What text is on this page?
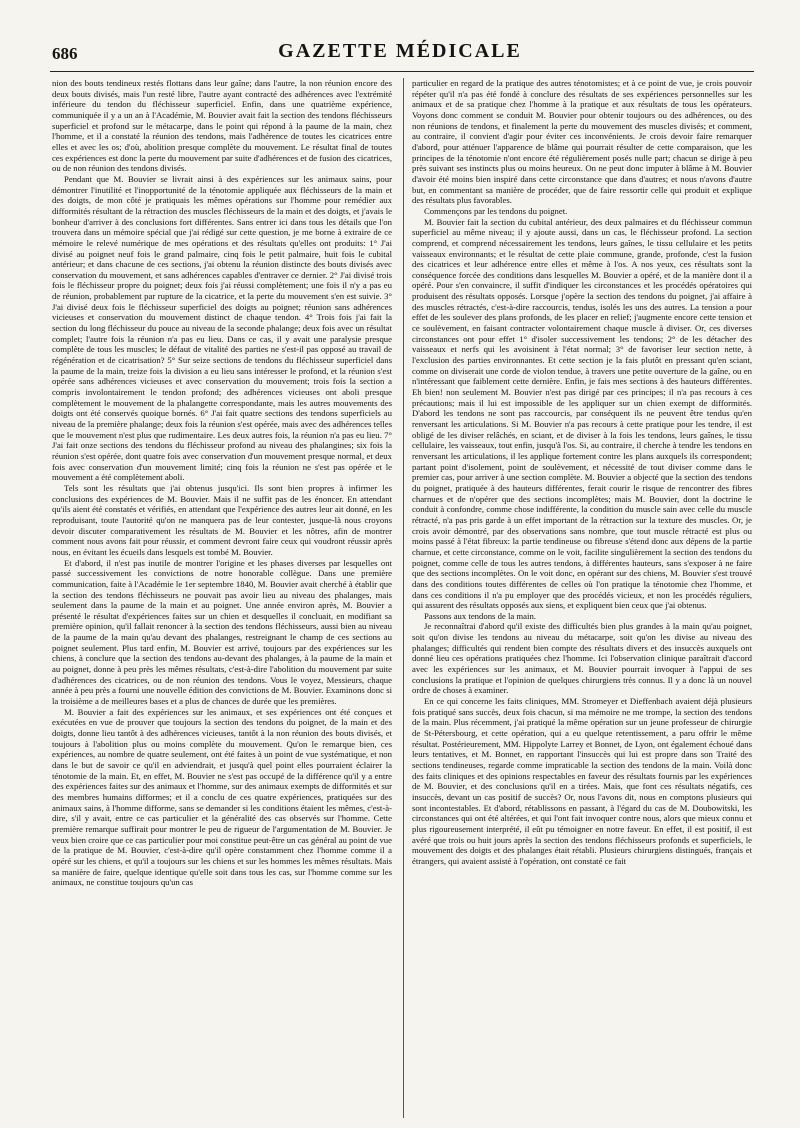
686	GAZETTE MÉDICALE

nion des bouts tendineux restés flottans dans leur gaîne; dans l'autre, la non réunion encore des deux bouts divisés, mais l'un resté libre, l'autre ayant contracté des adhérences avec l'extrémité inférieure du tendon du fléchisseur superficiel. Enfin, dans une quatrième expérience, communiquée il y a un an à l'Académie, M. Bouvier avait fait la section des tendons fléchisseurs superficiel et profond sur le métacarpe, dans le point qui répond à la paume de la main, chez l'homme, et il a constaté la réunion des tendons, mais l'adhérence de toutes les cicatrices entre elles et avec les os; d'où, abolition presque complète du mouvement. Le résultat final de toutes ces expériences est donc la perte du mouvement par suite d'adhérences et de fusion des cicatrices, ou de non réunion des tendons divisés.

Pendant que M. Bouvier se livrait ainsi à des expériences sur les animaux sains, pour démontrer l'inutilité et l'inopportunité de la ténotomie appliquée aux fléchisseurs de la main et des doigts, de mon côté je pratiquais les mêmes opérations sur l'homme pour remédier aux difformités résultant de la rétraction des muscles fléchisseurs de la main et des doigts, et j'avais le bonheur d'arriver à des conclusions fort différentes. Sans entrer ici dans tous les détails que l'on trouvera dans un mémoire spécial que j'ai rédigé sur cette question, je me borne à extraire de ce mémoire le relevé numérique de mes opérations et des résultats qu'elles ont produits: 1° J'ai divisé au poignet neuf fois le grand palmaire, cinq fois le petit palmaire, huit fois le cubital antérieur; et dans chacune de ces sections, j'ai obtenu la réunion distincte des bouts divisés avec conservation du mouvement, et sans adhérences capables d'entraver ce dernier. 2° J'ai divisé trois fois le fléchisseur propre du poignet; deux fois j'ai réussi complètement; une fois il n'y a pas eu de réunion, probablement par rupture de la cicatrice, et la perte du mouvement s'en est suivie. 3° J'ai divisé deux fois le fléchisseur superficiel des doigts au poignet; réunion sans adhérences vicieuses et conservation du mouvement distinct de chaque tendon. 4° Trois fois j'ai fait la section du long fléchisseur du pouce au niveau de la seconde phalange; deux fois avec un résultat complet; l'autre fois la réunion n'a pas eu lieu. Dans ce cas, il y avait une paralysie presque complète de tous les muscles; le défaut de vitalité des parties ne s'est-il pas opposé au travail de régénération et de cicatrisation? 5° Sur seize sections de tendons du fléchisseur superficiel dans la paume de la main, treize fois la division a eu lieu sans intéresser le profond, et la réunion s'est opérée sans adhérences vicieuses et avec conservation du mouvement; trois fois la section a compris involontairement le tendon profond; des adhérences vicieuses ont aboli presque complètement le mouvement de la phalangette correspondante, mais les autres mouvements des doigts ont été conservés quoique bornés. 6° J'ai fait quatre sections des tendons superficiels au niveau de la première phalange; deux fois la réunion s'est opérée, mais avec des adhérences telles que le mouvement n'est plus que rudimentaire. Les deux autres fois, la réunion n'a pas eu lieu. 7° J'ai fait onze sections des tendons du fléchisseur profond au niveau des phalangines; six fois la réunion s'est opérée, dont quatre fois avec conservation d'un mouvement presque normal, et deux fois avec conservation d'un mouvement limité; cinq fois la réunion ne s'est pas opérée et le mouvement a été complètement aboli.

Tels sont les résultats que j'ai obtenus jusqu'ici. Ils sont bien propres à infirmer les conclusions des expériences de M. Bouvier. Mais il ne suffit pas de les énoncer. En attendant qu'ils aient été constatés et vérifiés, en attendant que l'expérience des autres leur ait donné, en les reproduisant, toute l'autorité qu'on ne manquera pas de leur contester, jusque-là nous croyons devoir discuter comparativement les résultats de M. Bouvier et les nôtres, afin de montrer comment nous avons fait pour réussir, et comment devront faire ceux qui voudront réussir après nous, en évitant les écueils dans lesquels est tombé M. Bouvier.

Et d'abord, il n'est pas inutile de montrer l'origine et les phases diverses par lesquelles ont passé successivement les convictions de notre honorable collègue. Dans une première communication, faite à l'Académie le 1er septembre 1840, M. Bouvier avait cherché à établir que la section des tendons fléchisseurs ne pouvait pas avoir lieu au niveau des phalanges, mais seulement dans la paume de la main et au poignet. Une année environ après, M. Bouvier a présenté le résultat d'expériences faites sur un chien et desquelles il concluait, en modifiant sa première opinion, qu'il fallait renoncer à la section des tendons fléchisseurs, aussi bien au niveau de la paume de la main qu'au devant des phalanges, restreignant le champ de ces sections au poignet seulement. Plus tard enfin, M. Bouvier est arrivé, toujours par des expériences sur les chiens, à conclure que la section des tendons au-devant des phalanges, à la paume de la main et au poignet, donne à peu près les mêmes résultats, c'est-à-dire l'abolition du mouvement par suite d'adhérences des cicatrices, ou de non réunion des tendons. Vous le voyez, Messieurs, chaque année à peu près a fourni une nouvelle édition des convictions de M. Bouvier. Examinons donc si la troisième a de meilleures bases et a plus de chances de durée que les premières.

M. Bouvier a fait des expériences sur les animaux, et ses expériences ont été conçues et exécutées en vue de prouver que toujours la section des tendons du poignet, de la main et des doigts, donne lieu tantôt à des adhérences vicieuses, tantôt à la non réunion des bouts divisés, et toujours à l'abolition plus ou moins complète du mouvement. Qu'on le remarque bien, ces expériences, au nombre de quatre seulement, ont été faites à un point de vue systématique, et non dans le but de savoir ce qu'il en adviendrait, et jusqu'à quel point elles pourraient éclairer la ténotomie de la main. Et, en effet, M. Bouvier ne s'est pas occupé de la différence qu'il y a entre des expériences faites sur des animaux et l'homme, sur des animaux exempts de difformités et sur des membres humains difformes; et il a conclu de ces quatre expériences, pratiquées sur des animaux sains, à l'homme difforme, sans se demander si les conditions étaient les mêmes, c'est-à-dire, s'il y avait, entre ce cas particulier et la généralité des cas observés sur l'homme. Cette première remarque suffirait pour montrer le peu de rigueur de l'argumentation de M. Bouvier. Je veux bien croire que ce cas particulier pour moi constitue peut-être un cas général au point de vue de la pratique de M. Bouvier, c'est-à-dire qu'il opère constamment chez l'homme comme il a opéré sur les chiens, et qu'il a toujours sur les chiens et sur les hommes les mêmes résultats. Mais sa manière de faire, quelque identique qu'elle soit dans tous les cas, sur l'homme comme sur les animaux, ne constitue toujours qu'un cas

particulier en regard de la pratique des autres ténotomistes; et à ce point de vue, je crois pouvoir répéter qu'il n'a pas été fondé à conclure des résultats de ses expériences personnelles sur les animaux et de sa pratique chez l'homme à la pratique et aux résultats de tous les opérateurs. Voyons donc comment se conduit M. Bouvier pour obtenir toujours ou des adhérences, ou des non réunions de tendons, et finalement la perte du mouvement des muscles divisés; et comment, au contraire, il convient d'agir pour éviter ces inconvénients. Je crois devoir faire remarquer d'abord, pour atténuer l'apparence de blâme qui pourrait résulter de cette comparaison, que les principes de la ténotomie n'ont encore été régulièrement posés nulle part; chacun se dirige à peu près suivant ses instincts plus ou moins heureux. On ne peut donc imputer à blâme à M. Bouvier d'avoir été moins bien inspiré dans cette circonstance que dans d'autres; et nous n'avons d'autre but, en commentant sa manière de procéder, que de faire ressortir celle qui produit et explique des résultats plus favorables.

Commençons par les tendons du poignet.

M. Bouvier fait la section du cubital antérieur, des deux palmaires et du fléchisseur commun superficiel au même niveau; il y ajoute aussi, dans un cas, le fléchisseur profond. La section comprend, et comprend nécessairement les tendons, leurs gaînes, le tissu cellulaire et les petits vaisseaux environnants; et le résultat de cette plaie commune, grande, profonde, c'est la fusion des cicatrices et leur adhérence entre elles et même à l'os. A nos yeux, ces résultats sont la conséquence forcée des conditions dans lesquelles M. Bouvier a opéré, et de la manière dont il a opéré. Pour s'en convaincre, il suffit d'indiquer les circonstances et les procédés opératoires qui produisent des résultats opposés. Lorsque j'opère la section des tendons du poignet, j'ai affaire à des muscles rétractés, c'est-à-dire raccourcis, tendus, isolés les uns des autres. La tension a pour effet de les soulever des plans profonds, de les placer en relief; j'augmente encore cette tension et ce soulèvement, en faisant contracter volontairement chaque muscle à diviser. Or, ces diverses circonstances ont pour effet 1° d'isoler successivement les tendons; 2° de les détacher des vaisseaux et nerfs qui les avoisinent à l'état normal; 3° de favoriser leur section nette, à l'exclusion des parties environnantes. Et cette section je la fais plutôt en pressant qu'en sciant, comme on diviserait une corde de violon tendue, à travers une petite ouverture de la gaîne, ou en n'intéressant que faiblement cette dernière. Enfin, je fais mes sections à des hauteurs différentes. Eh bien! non seulement M. Bouvier n'est pas dirigé par ces principes; il n'a pas recours à ces précautions; mais il lui est impossible de les appliquer sur un chien exempt de difformités. D'abord les tendons ne sont pas raccourcis, par conséquent ils ne peuvent être tendus qu'en renversant les articulations. Si M. Bouvier n'a pas recours à cette pratique pour les tendre, il est obligé de les diviser relâchés, en sciant, et de diviser à la fois les tendons, leurs gaînes, le tissu cellulaire, les vaisseaux, tout enfin, jusqu'à l'os. Si, au contraire, il cherche à tendre les tendons en renversant les articulations, il les applique fortement contre les plans auxquels ils correspondent; partant point d'isolement, point de soulèvement, et nécessité de tout diviser comme dans le premier cas, pour arriver à une section complète. M. Bouvier a objecté que la section des tendons du poignet, pratiquée à des hauteurs différentes, ferait courir le risque de rencontrer des fibres charnues et de n'opérer que des sections incomplètes; mais M. Bouvier, dont la doctrine le conduit à confondre, comme chose indifférente, la condition du muscle sain avec celle du muscle rétracté, n'a pas pris garde à un effet important de la rétraction sur la texture des muscles. Or, je crois avoir démontré, par des observations sans nombre, que tout muscle rétracté est plus ou moins passé à l'état fibreux: la partie tendineuse ou fibreuse s'étend donc aux dépens de la partie charnue, et cette circonstance, comme on le voit, facilite singulièrement la section des tendons du poignet, comme celle de tous les autres tendons, à différentes hauteurs, sans s'exposer à ne faire que des sections incomplètes. On le voit donc, en opérant sur des chiens, M. Bouvier s'est trouvé dans des conditions toutes différentes de celles où l'on pratique la ténotomie chez l'homme, et dans ces conditions il n'a pu employer que des procédés vicieux, et non les procédés réguliers, qui assurent des résultats opposés aux siens, et expliquent bien ceux que j'ai obtenus.

Passons aux tendons de la main.

Je reconnaîtrai d'abord qu'il existe des difficultés bien plus grandes à la main qu'au poignet, soit qu'on divise les tendons au niveau du métacarpe, soit qu'on les divise au niveau des phalanges; difficultés qui rendent bien compte des résultats divers et des insuccès auxquels ont donné lieu ces opérations pratiquées chez l'homme. Ici l'observation clinique paraîtrait d'accord avec les expériences sur les animaux, et M. Bouvier pourrait invoquer à l'appui de ses conclusions la pratique et l'opinion de quelques chirurgiens très connus. Il y a donc là un nouvel ordre de choses à examiner.

En ce qui concerne les faits cliniques, MM. Stromeyer et Dieffenbach avaient déjà plusieurs fois pratiqué sans succès, deux fois chacun, si ma mémoire ne me trompe, la section des tendons de la main. Plus récemment, j'ai pratiqué la même opération sur un jeune professeur de chirurgie de St-Pétersbourg, et cette opération, qui a eu quelque retentissement, a paru offrir le même résultat. Postérieurement, MM. Hippolyte Larrey et Bonnet, de Lyon, ont également échoué dans leurs tentatives, et M. Bonnet, en rapportant l'insuccès qui lui est propre dans son Traité des sections tendineuses, regarde comme impraticable la section des tendons de la main. Voilà donc des faits cliniques et des opinions respectables en faveur des résultats fournis par les expériences de M. Bouvier, et des conclusions qu'il en a tirées. Mais, que font ces résultats négatifs, ces insuccès, devant un cas positif de succès? Or, nous l'avons dit, nous en comptons plusieurs qui sont incontestables. Et d'abord, rétablissons en passant, à l'égard du cas de M. Doubowitski, les circonstances qui ont été altérées, et qui l'ont fait invoquer contre nous, alors que mieux connu et plus rigoureusement interprété, il eût pu témoigner en notre faveur. En effet, il est positif, il est avéré que trois ou huit jours après la section des tendons fléchisseurs profonds et superficiels, le mouvement des doigts et des phalanges était rétabli. Plusieurs chirurgiens distingués, français et étrangers, qui avaient assisté à l'opération, ont constaté ce fait
